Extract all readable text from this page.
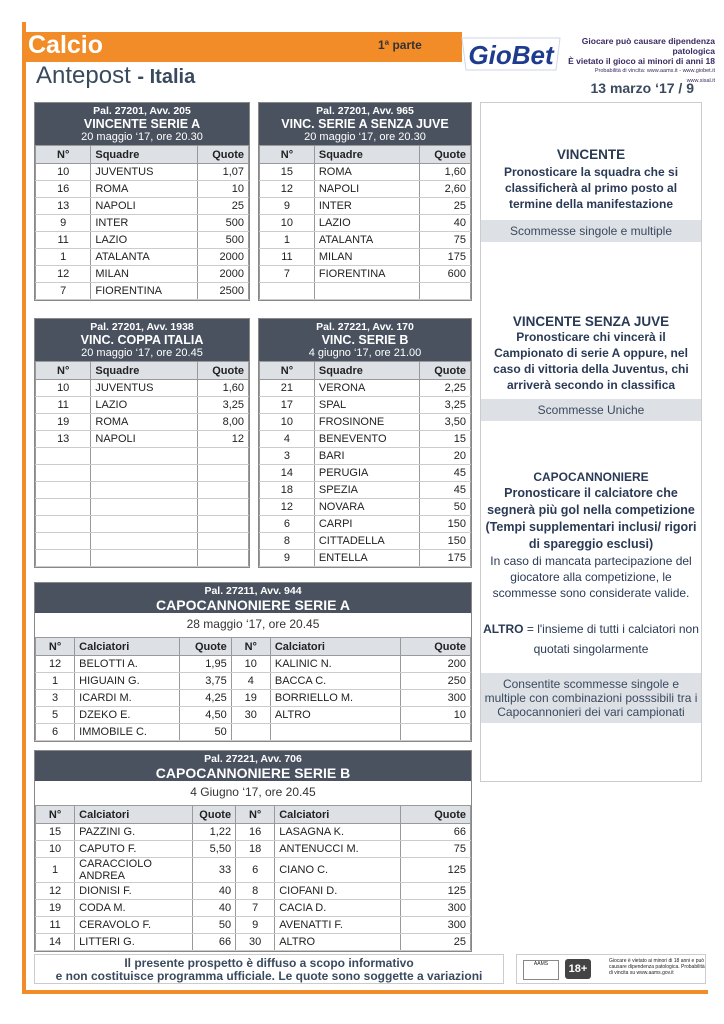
Calcio	1ª parte
Antepost - Italia
GioBet	Giocare può causare dipendenza patologica
È vietato il gioco ai minori di anni 18
Probabilità di vincita: www.aams.it - www.giobet.it www.sisal.it
13 marzo ‘17 / 9
Pal. 27201, Avv. 205
VINCENTE SERIE A
20 maggio ‘17, ore 20.30
N°	Squadre	Quote
10	JUVENTUS	1,07
16	ROMA	10
13	NAPOLI	25
9	INTER	500
11	LAZIO	500
1	ATALANTA	2000
12	MILAN	2000
7	FIORENTINA	2500
Pal. 27201, Avv. 965
VINC. SERIE A SENZA JUVE
20 maggio ‘17, ore 20.30
N°	Squadre	Quote
15	ROMA	1,60
12	NAPOLI	2,60
9	INTER	25
10	LAZIO	40
1	ATALANTA	75
11	MILAN	175
7	FIORENTINA	600

Pal. 27201, Avv. 1938
VINC. COPPA ITALIA
20 maggio ‘17, ore 20.45
N°	Squadre	Quote
10	JUVENTUS	1,60
11	LAZIO	3,25
19	ROMA	8,00
13	NAPOLI	12

Pal. 27221, Avv. 170
VINC. SERIE B
4 giugno ‘17, ore 21.00
N°	Squadre	Quote
21	VERONA	2,25
17	SPAL	3,25
10	FROSINONE	3,50
4	BENEVENTO	15
3	BARI	20
14	PERUGIA	45
18	SPEZIA	45
12	NOVARA	50
6	CARPI	150
8	CITTADELLA	150
9	ENTELLA	175
Pal. 27211, Avv. 944
CAPOCANNONIERE SERIE A
28 maggio ‘17, ore 20.45
N°	Calciatori	Quote	N°	Calciatori	Quote
12	BELOTTI A.	1,95	10	KALINIC N.	200
1	HIGUAIN G.	3,75	4	BACCA C.	250
3	ICARDI M.	4,25	19	BORRIELLO M.	300
5	DZEKO E.	4,50	30	ALTRO	10
6	IMMOBILE C.	50			
Pal. 27221, Avv. 706
CAPOCANNONIERE SERIE B
4 Giugno ‘17, ore 20.45
N°	Calciatori	Quote	N°	Calciatori	Quote
15	PAZZINI G.	1,22	16	LASAGNA K.	66
10	CAPUTO F.	5,50	18	ANTENUCCI M.	75
1	CARACCIOLO ANDREA	33	6	CIANO C.	125
12	DIONISI F.	40	8	CIOFANI D.	125
19	CODA M.	40	7	CACIA D.	300
11	CERAVOLO F.	50	9	AVENATTI F.	300
14	LITTERI G.	66	30	ALTRO	25
VINCENTE
Pronosticare la squadra che si classificherà al primo posto al termine della manifestazione
Scommesse singole e multiple
VINCENTE SENZA JUVE
Pronosticare chi vincerà il Campionato di serie A oppure, nel caso di vittoria della Juventus, chi arriverà secondo in classifica
Scommesse Uniche
CAPOCANNONIERE
Pronosticare il calciatore che segnerà più gol nella competizione (Tempi supplementari inclusi/ rigori di spareggio esclusi)
In caso di mancata partecipazione del giocatore alla competizione, le scommesse sono considerate valide.
ALTRO = l'insieme di tutti i calciatori non quotati singolarmente
Consentite scommesse singole e multiple con combinazioni posssibili tra i Capocannonieri dei vari campionati
Il presente prospetto è diffuso a scopo informativo
e non costituisce programma ufficiale. Le quote sono soggette a variazioni
AAMS	18+
Giocare è vietato ai minori di 18 anni e può causare dipendenza patologica. Probabilità di vincita su www.aams.gov.it
